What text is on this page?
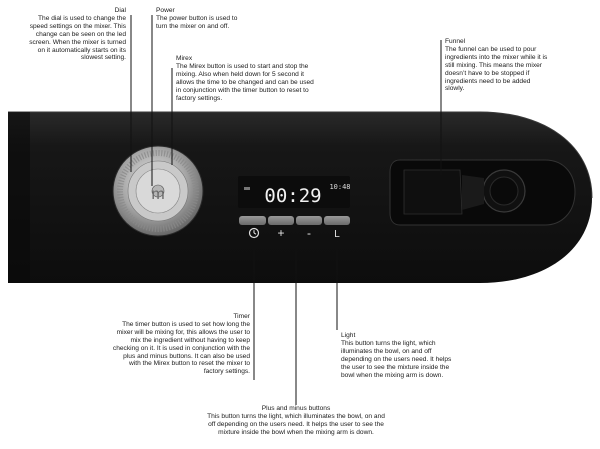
m	00:29 10:48
+ - L
Dial
The dial is used to change the
speed settings on the mixer. This
change can be seen on the led
screen. When the mixer is turned
on it automatically starts on its
slowest setting.
Power
The power button is used to
turn the mixer on and off.
Mirex
The Mirex button is used to start and stop the
mixing. Also when held down for 5 second it
allows the time to be changed and can be used
in conjunction with the timer button to reset to
factory settings.
Funnel
The funnel can be used to pour
ingredients into the mixer while it is
still mixing. This means the mixer
doesn’t have to be stopped if
ingredients need to be added
slowly.
Timer
The timer button is used to set how long the
mixer will be mixing for, this allows the user to
mix the ingredient without having to keep
checking on it. It is used in conjunction with the
plus and minus buttons. It can also be used
with the Mirex button to reset the mixer to
factory settings.
Light
This button turns the light, which
illuminates the bowl, on and off
depending on the users need. It helps
the user to see the mixture inside the
bowl when the mixing arm is down.
Plus and minus buttons
This button turns the light, which illuminates the bowl, on and
off depending on the users need. It helps the user to see the
mixture inside the bowl when the mixing arm is down.
